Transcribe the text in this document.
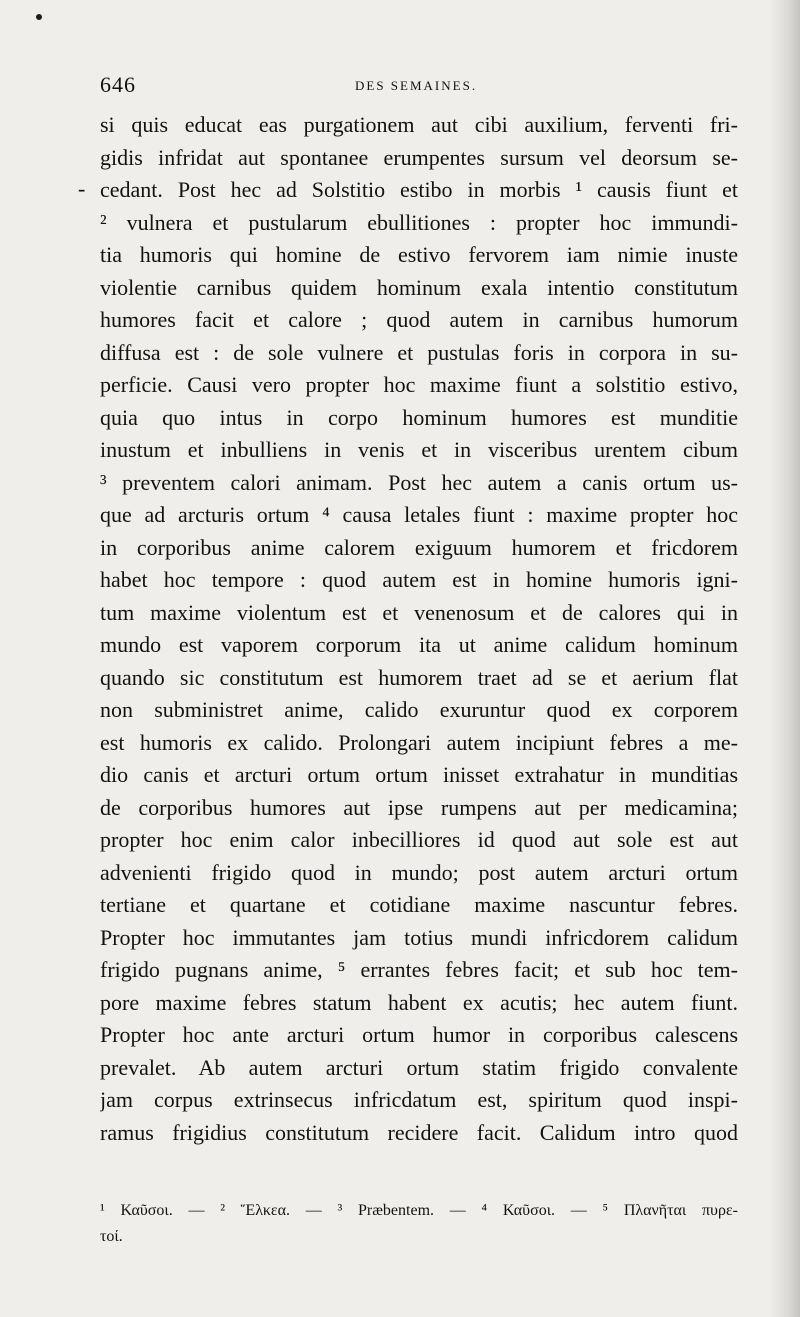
646	DES SEMAINES.
-
si quis educat eas purgationem aut cibi auxilium, ferventi fri-
gidis infridat aut spontanee erumpentes sursum vel deorsum se-
cedant. Post hec ad Solstitio estibo in morbis ¹ causis fiunt et
² vulnera et pustularum ebullitiones : propter hoc immundi-
tia humoris qui homine de estivo fervorem iam nimie inuste
violentie carnibus quidem hominum exala intentio constitutum
humores facit et calore ; quod autem in carnibus humorum
diffusa est : de sole vulnere et pustulas foris in corpora in su-
perficie. Causi vero propter hoc maxime fiunt a solstitio estivo,
quia quo intus in corpo hominum humores est munditie
inustum et inbulliens in venis et in visceribus urentem cibum
³ preventem calori animam. Post hec autem a canis ortum us-
que ad arcturis ortum ⁴ causa letales fiunt : maxime propter hoc
in corporibus anime calorem exiguum humorem et fricdorem
habet hoc tempore : quod autem est in homine humoris igni-
tum maxime violentum est et venenosum et de calores qui in
mundo est vaporem corporum ita ut anime calidum hominum
quando sic constitutum est humorem traet ad se et aerium flat
non subministret anime, calido exuruntur quod ex corporem
est humoris ex calido. Prolongari autem incipiunt febres a me-
dio canis et arcturi ortum ortum inisset extrahatur in munditias
de corporibus humores aut ipse rumpens aut per medicamina;
propter hoc enim calor inbecilliores id quod aut sole est aut
advenienti frigido quod in mundo; post autem arcturi ortum
tertiane et quartane et cotidiane maxime nascuntur febres.
Propter hoc immutantes jam totius mundi infricdorem calidum
frigido pugnans anime, ⁵ errantes febres facit; et sub hoc tem-
pore maxime febres statum habent ex acutis; hec autem fiunt.
Propter hoc ante arcturi ortum humor in corporibus calescens
prevalet. Ab autem arcturi ortum statim frigido convalente
jam corpus extrinsecus infricdatum est, spiritum quod inspi-
ramus frigidius constitutum recidere facit. Calidum intro quod
¹ Καῦσοι. — ² Ἕλκεα. — ³ Præbentem. — ⁴ Καῦσοι. — ⁵ Πλανῆται πυρε-
τοί.
